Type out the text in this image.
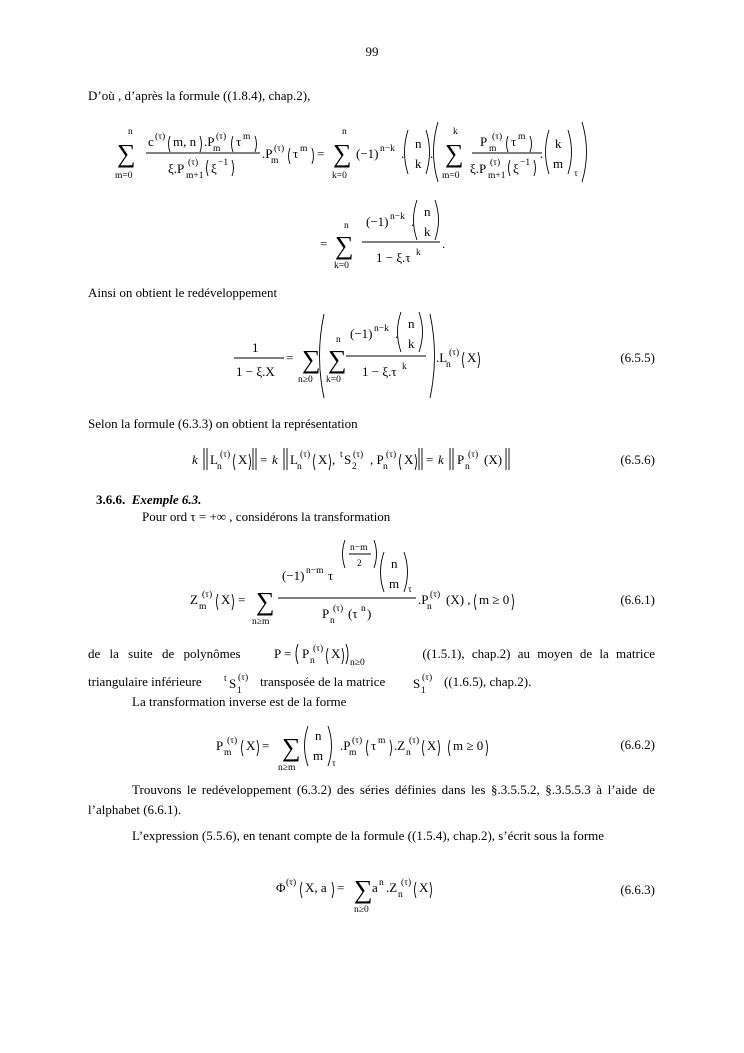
99
D’où , d’après la formule ((1.8.4), chap.2),
n
∑
m=0
c (τ) m, n .P
m
(τ) τ m
ξ.P m+1
(τ) ξ −1
.P
m
(τ) τ m =
n
∑
k=0
(−1) n−k .
n
k
.
k
∑
m=0
P m
(τ) τ m
ξ.P m+1
(τ) ξ −1
.
k
m
τ
=
n
∑
k=0
(−1) n−k .
n
k
1 − ξ.τ k
.
Ainsi on obtient le redéveloppement
1
1 − ξ.X
= ∑
n≥0
n
∑
k=0
(−1) n−k .
n
k
1 − ξ.τ k
.L
n
(τ) X	(6.5.5)
Selon la formule (6.3.3) on obtient la représentation
k L n
(τ) X = k L n
(τ) X , t S 2
(τ) , P n
(τ) X = k P n
(τ) (X)	(6.5.6)
3.6.6. Exemple 6.3.
Pour ord τ = +∞ , considérons la transformation
Z m
(τ) X = ∑
n≥m
(−1) n−m τ
n−m
2 n
m τ
P n
(τ) (τ n )
.P
n
(τ) (X) , m ≥ 0	(6.6.1)
de la suite de polynômes	P = P n
(τ) X
n≥0
((1.5.1), chap.2) au moyen de la matrice
triangulaire inférieure t S 1
(τ) transposée de la matrice S 1
(τ) ((1.6.5), chap.2).
La transformation inverse est de la forme
P m
(τ) X = ∑
n≥m
n
m
τ
.P
m
(τ) τ m .Z n
(τ) X m ≥ 0	(6.6.2)
Trouvons le redéveloppement (6.3.2) des séries définies dans les §.3.5.5.2, §.3.5.5.3 à l’aide de l’alphabet (6.6.1).
L’expression (5.5.6), en tenant compte de la formule ((1.5.4), chap.2), s’écrit sous la forme
Φ (τ) X, a = ∑
n≥0
a n .Z n
(τ) X	(6.6.3)
